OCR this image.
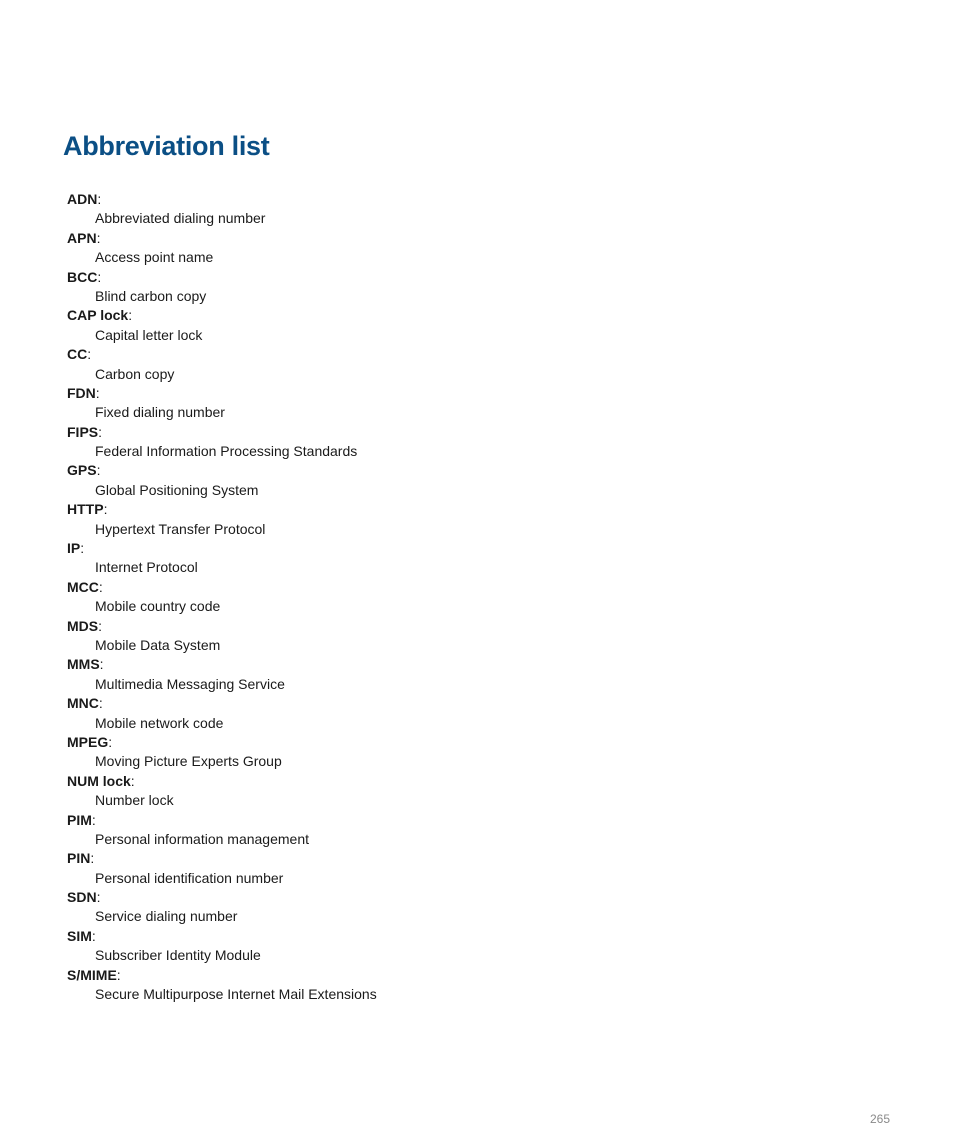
Abbreviation list
ADN:
Abbreviated dialing number
APN:
Access point name
BCC:
Blind carbon copy
CAP lock:
Capital letter lock
CC:
Carbon copy
FDN:
Fixed dialing number
FIPS:
Federal Information Processing Standards
GPS:
Global Positioning System
HTTP:
Hypertext Transfer Protocol
IP:
Internet Protocol
MCC:
Mobile country code
MDS:
Mobile Data System
MMS:
Multimedia Messaging Service
MNC:
Mobile network code
MPEG:
Moving Picture Experts Group
NUM lock:
Number lock
PIM:
Personal information management
PIN:
Personal identification number
SDN:
Service dialing number
SIM:
Subscriber Identity Module
S/MIME:
Secure Multipurpose Internet Mail Extensions
265
